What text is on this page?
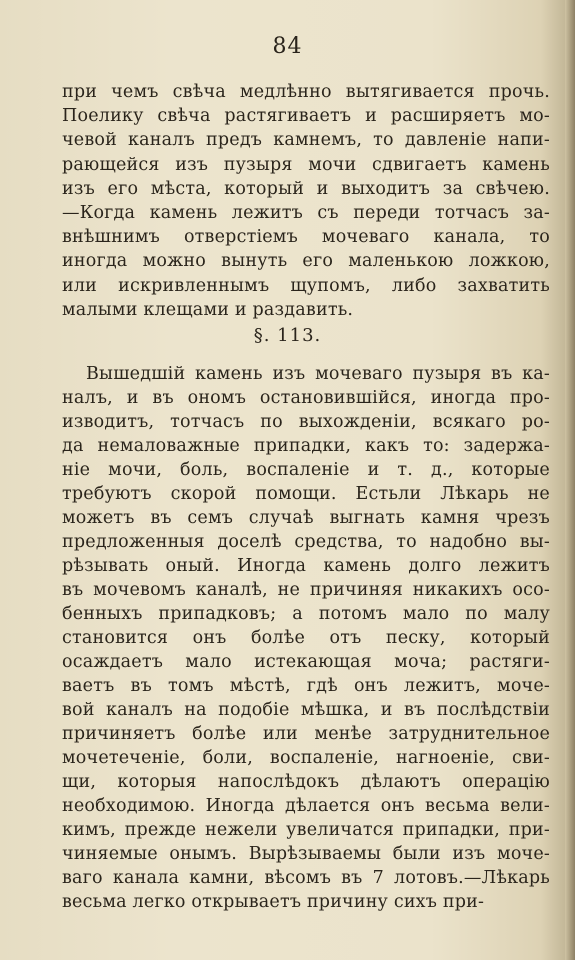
84
при чемъ свѣча медлѣнно вытягивается прочь.
Поелику свѣча растягиваетъ и расширяетъ мо-
чевой каналъ предъ камнемъ, то давленіе напи-
рающейся изъ пузыря мочи сдвигаетъ камень
изъ его мѣста, который и выходитъ за свѣчею.
—Когда камень лежитъ съ переди тотчасъ за-
внѣшнимъ отверстіемъ мочеваго канала, то
иногда можно вынуть его маленькою ложкою,
или искривленнымъ щупомъ, либо захватить
малыми клещами и раздавить.
§. 113.
Вышедшій камень изъ мочеваго пузыря въ ка-
налъ, и въ ономъ остановившійся, иногда про-
изводитъ, тотчасъ по выхожденіи, всякаго ро-
да немаловажные припадки, какъ то: задержа-
ніе мочи, боль, воспаленіе и т. д., которые
требуютъ скорой помощи. Естьли Лѣкарь не
можетъ въ семъ случаѣ выгнать камня чрезъ
предложенныя доселѣ средства, то надобно вы-
рѣзывать оный. Иногда камень долго лежитъ
въ мочевомъ каналѣ, не причиняя никакихъ осо-
бенныхъ припадковъ; а потомъ мало по малу
становится онъ болѣе отъ песку, который
осаждаетъ мало истекающая моча; растяги-
ваетъ въ томъ мѣстѣ, гдѣ онъ лежитъ, моче-
вой каналъ на подобіе мѣшка, и въ послѣдствіи
причиняетъ болѣе или менѣе затруднительное
мочетеченіе, боли, воспаленіе, нагноеніе, сви-
щи, которыя напослѣдокъ дѣлаютъ операцію
необходимою. Иногда дѣлается онъ весьма вели-
кимъ, прежде нежели увеличатся припадки, при-
чиняемые онымъ. Вырѣзываемы были изъ моче-
ваго канала камни, вѣсомъ въ 7 лотовъ.—Лѣкарь
весьма легко открываетъ причину сихъ при-
